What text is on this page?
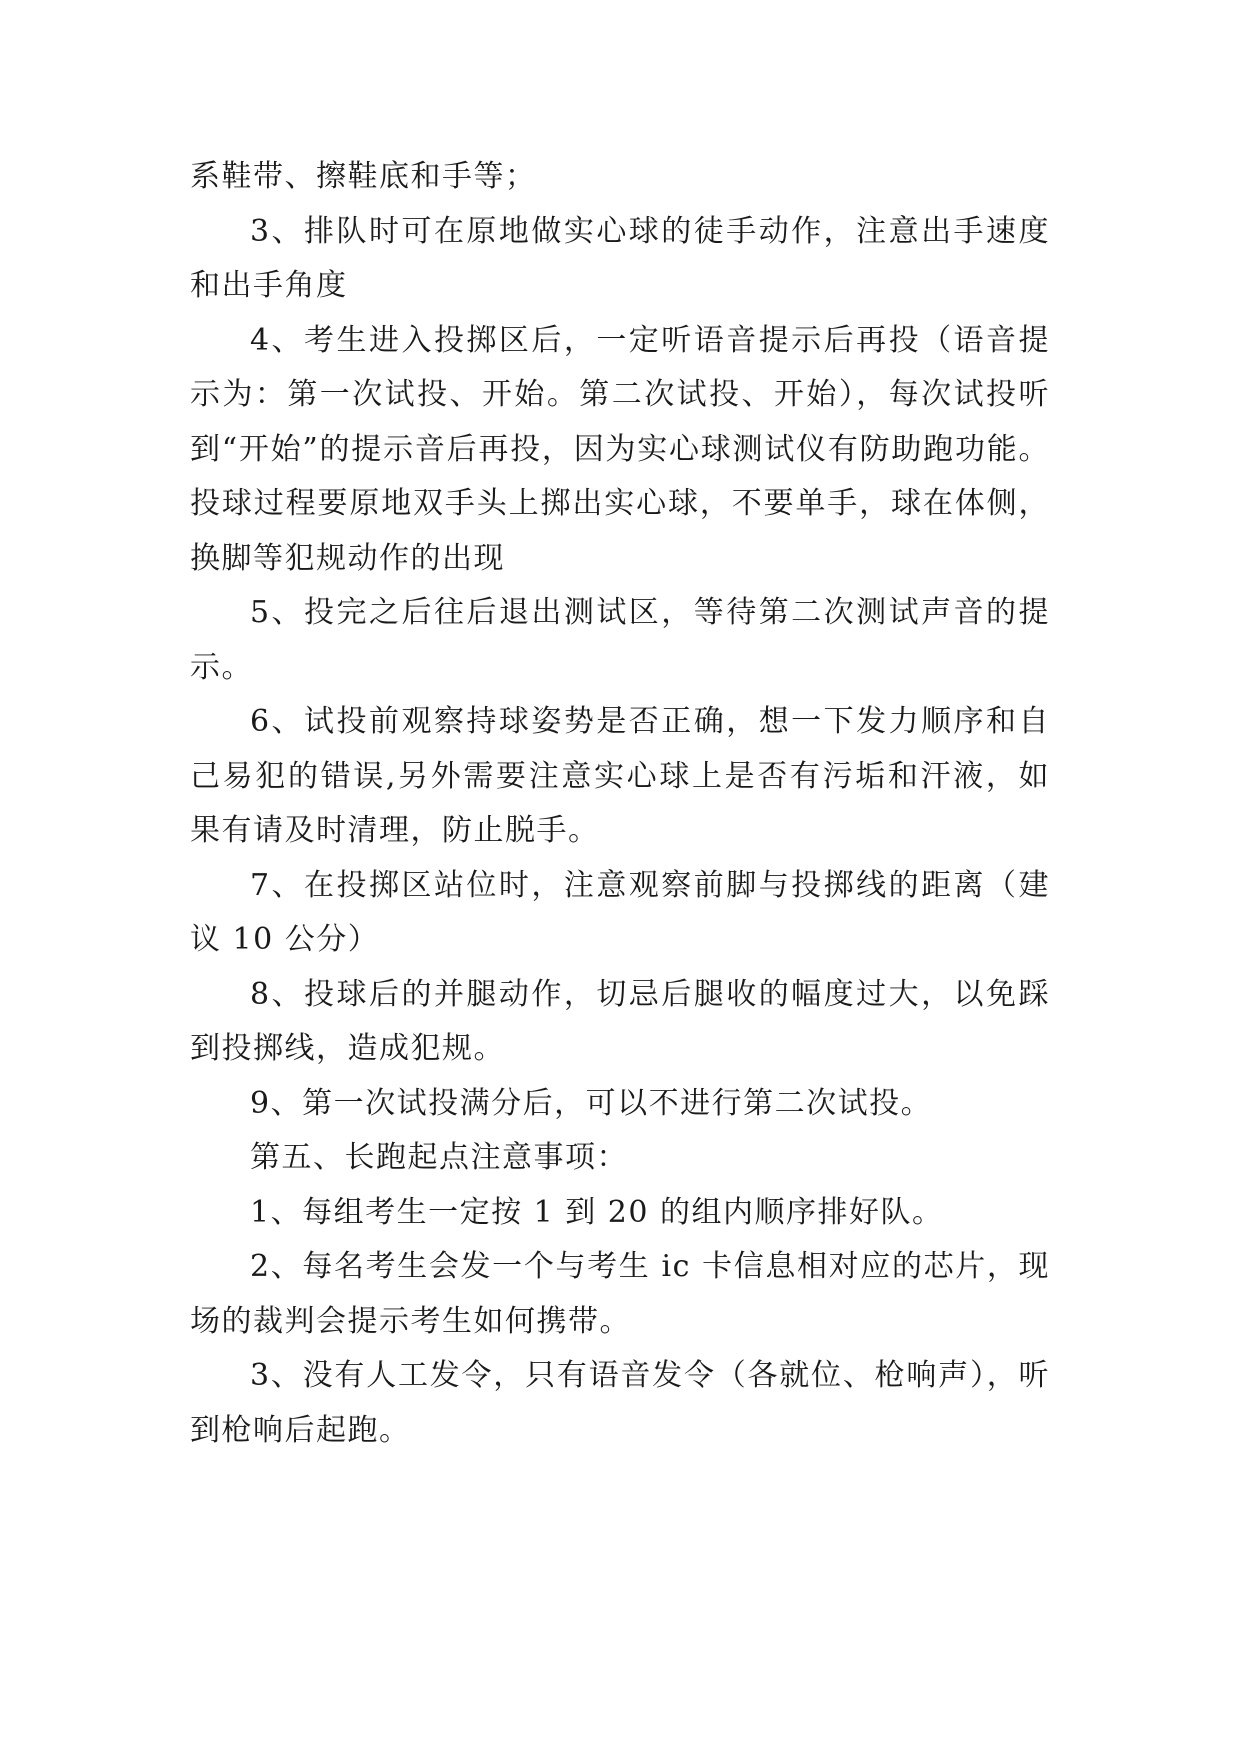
系鞋带、擦鞋底和手等；

3、排队时可在原地做实心球的徒手动作，注意出手速度和出手角度

4、考生进入投掷区后，一定听语音提示后再投（语音提示为：第一次试投、开始。第二次试投、开始），每次试投听到“开始”的提示音后再投，因为实心球测试仪有防助跑功能。投球过程要原地双手头上掷出实心球，不要单手，球在体侧，换脚等犯规动作的出现

5、投完之后往后退出测试区，等待第二次测试声音的提示。

6、试投前观察持球姿势是否正确，想一下发力顺序和自己易犯的错误,另外需要注意实心球上是否有污垢和汗液，如果有请及时清理，防止脱手。

7、在投掷区站位时，注意观察前脚与投掷线的距离（建议 10 公分）

8、投球后的并腿动作，切忌后腿收的幅度过大，以免踩到投掷线，造成犯规。

9、第一次试投满分后，可以不进行第二次试投。

第五、长跑起点注意事项：

1、每组考生一定按 1 到 20 的组内顺序排好队。

2、每名考生会发一个与考生 ic 卡信息相对应的芯片，现场的裁判会提示考生如何携带。

3、没有人工发令，只有语音发令（各就位、枪响声），听到枪响后起跑。
